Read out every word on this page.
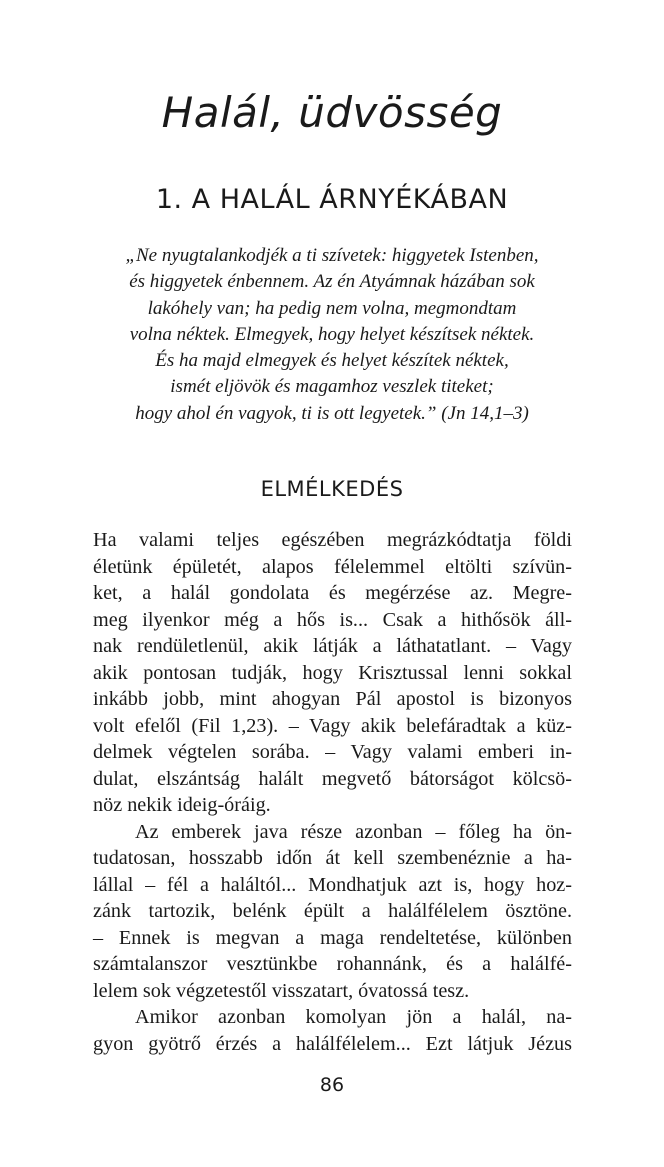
Halál, üdvösség
1. A HALÁL ÁRNYÉKÁBAN
„Ne nyugtalankodjék a ti szívetek: higgyetek Istenben,
és higgyetek énbennem. Az én Atyámnak házában sok
lakóhely van; ha pedig nem volna, megmondtam
volna néktek. Elmegyek, hogy helyet készítsek néktek.
És ha majd elmegyek és helyet készítek néktek,
ismét eljövök és magamhoz veszlek titeket;
hogy ahol én vagyok, ti is ott legyetek.” (Jn 14,1–3)
ELMÉLKEDÉS
Ha valami teljes egészében megrázkódtatja földi
életünk épületét, alapos félelemmel eltölti szívün-
ket, a halál gondolata és megérzése az. Megre-
meg ilyenkor még a hős is... Csak a hithősök áll-
nak rendületlenül, akik látják a láthatatlant. – Vagy
akik pontosan tudják, hogy Krisztussal lenni sokkal
inkább jobb, mint ahogyan Pál apostol is bizonyos
volt efelől (Fil 1,23). – Vagy akik belefáradtak a küz-
delmek végtelen sorába. – Vagy valami emberi in-
dulat, elszántság halált megvető bátorságot kölcsö-
nöz nekik ideig-óráig.
Az emberek java része azonban – főleg ha ön-
tudatosan, hosszabb időn át kell szembenéznie a ha-
lállal – fél a haláltól... Mondhatjuk azt is, hogy hoz-
zánk tartozik, belénk épült a halálfélelem ösztöne.
– Ennek is megvan a maga rendeltetése, különben
számtalanszor vesztünkbe rohannánk, és a halálfé-
lelem sok végzetestől visszatart, óvatossá tesz.
Amikor azonban komolyan jön a halál, na-
gyon gyötrő érzés a halálfélelem... Ezt látjuk Jézus
86
